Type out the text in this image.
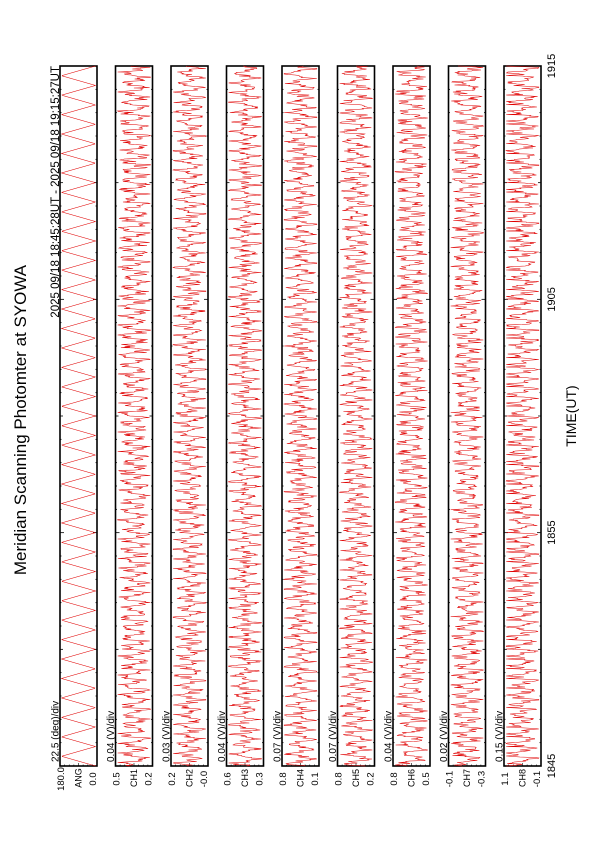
Meridian Scanning Photomter at SYOWA
2025 09/18 18:45:28UT - 2025 09/18 19:15:27UT
TIME(UT)
180.0 0.0
ANG
22.5 (deg)/div
0.5 0.2
CH1
0.04 (V)/div
0.2 -0.0
CH2
0.03 (V)/div
0.6 0.3
CH3
0.04 (V)/div
0.8 0.1
CH4
0.07 (V)/div
0.8 0.2
CH5
0.07 (V)/div
0.8 0.5
CH6
0.04 (V)/div
-0.1 -0.3
CH7
0.02 (V)/div
1.1 -0.1
CH8
0.15 (V)/div
1845
1855
1905
1915
